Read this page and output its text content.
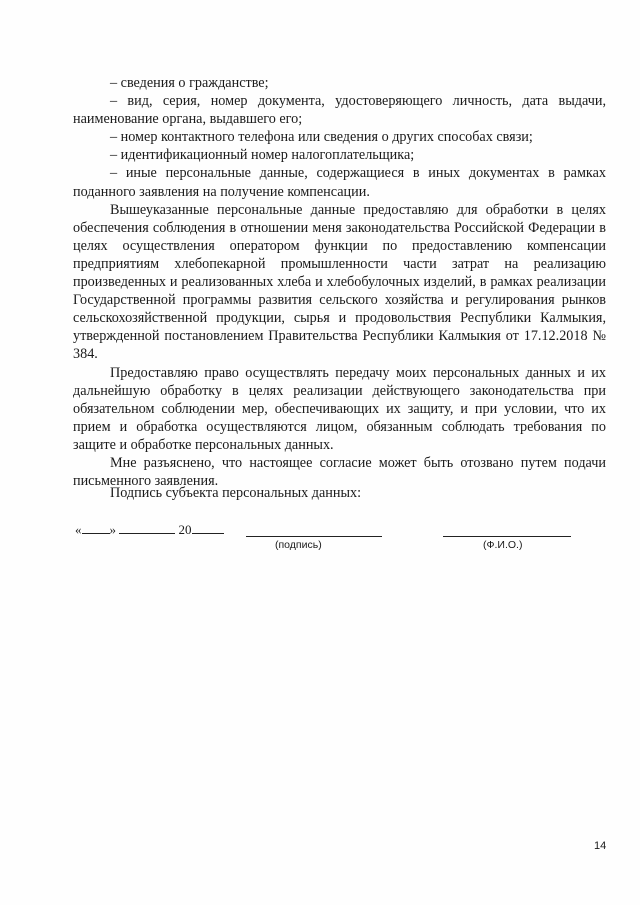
– сведения о гражданстве;

– вид, серия, номер документа, удостоверяющего личность, дата выдачи, наименование органа, выдавшего его;

– номер контактного телефона или сведения о других способах связи;

– идентификационный номер налогоплательщика;

– иные персональные данные, содержащиеся в иных документах в рамках поданного заявления на получение компенсации.

Вышеуказанные персональные данные предоставляю для обработки в целях обеспечения соблюдения в отношении меня законодательства Российской Федерации в целях осуществления оператором функции по предоставлению компенсации предприятиям хлебопекарной промышленности части затрат на реализацию произведенных и реализованных хлеба и хлебобулочных изделий, в рамках реализации Государственной программы развития сельского хозяйства и регулирования рынков сельскохозяйственной продукции, сырья и продовольствия Республики Калмыкия, утвержденной постановлением Правительства Республики Калмыкия от 17.12.2018 № 384.

Предоставляю право осуществлять передачу моих персональных данных и их дальнейшую обработку в целях реализации действующего законодательства при обязательном соблюдении мер, обеспечивающих их защиту, и при условии, что их прием и обработка осуществляются лицом, обязанным соблюдать требования по защите и обработке персональных данных.

Мне разъяснено, что настоящее согласие может быть отозвано путем подачи письменного заявления.

Подпись субъекта персональных данных:
« »	20
(подпись)	(Ф.И.О.)
14
